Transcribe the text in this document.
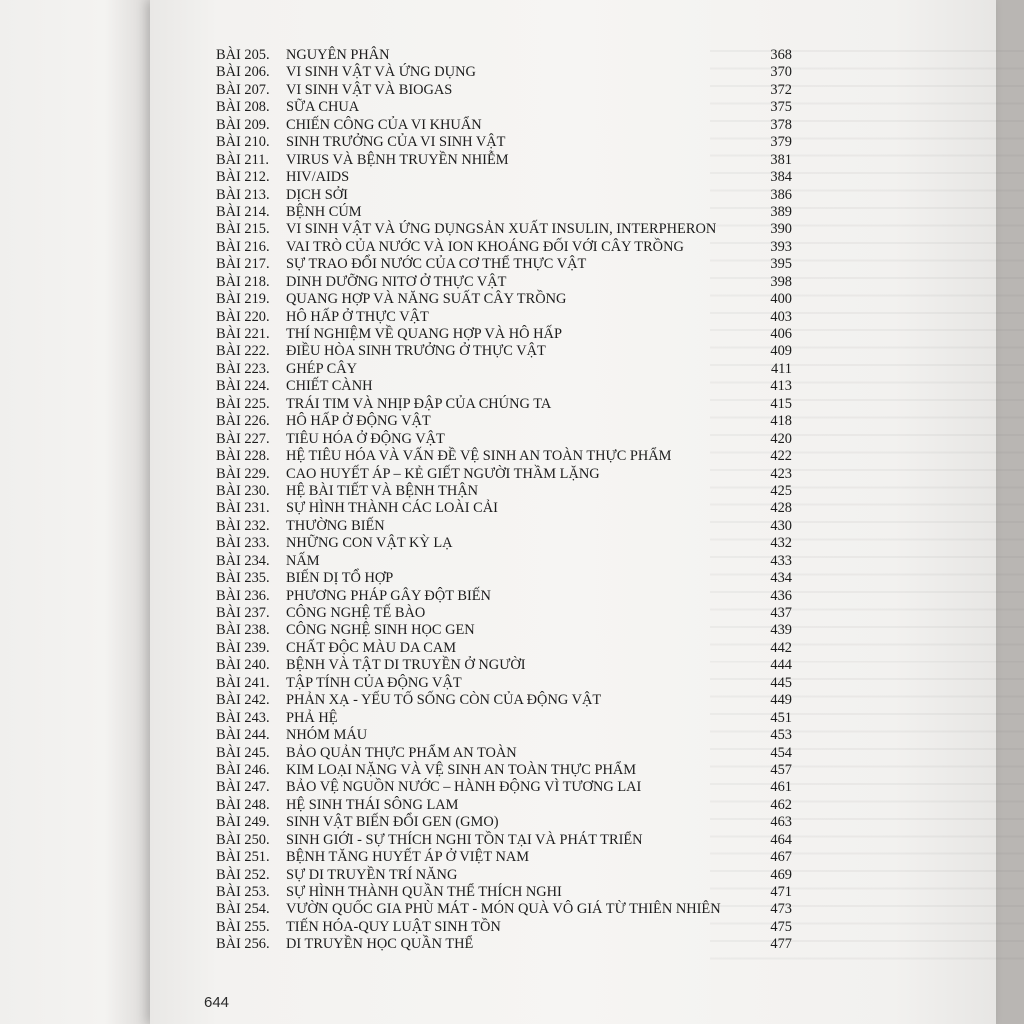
BÀI 205. NGUYÊN PHÂN	368
BÀI 206. VI SINH VẬT VÀ ỨNG DỤNG	370
BÀI 207. VI SINH VẬT VÀ BIOGAS	372
BÀI 208. SỮA CHUA	375
BÀI 209. CHIẾN CÔNG CỦA VI KHUẨN	378
BÀI 210. SINH TRƯỞNG CỦA VI SINH VẬT	379
BÀI 211. VIRUS VÀ BỆNH TRUYỀN NHIỄM	381
BÀI 212. HIV/AIDS	384
BÀI 213. DỊCH SỞI	386
BÀI 214. BỆNH CÚM	389
BÀI 215. VI SINH VẬT VÀ ỨNG DỤNGSẢN XUẤT INSULIN, INTERPHERON	390
BÀI 216. VAI TRÒ CỦA NƯỚC VÀ ION KHOÁNG ĐỐI VỚI CÂY TRỒNG	393
BÀI 217. SỰ TRAO ĐỔI NƯỚC CỦA CƠ THỂ THỰC VẬT	395
BÀI 218. DINH DƯỠNG NITƠ Ở THỰC VẬT	398
BÀI 219. QUANG HỢP VÀ NĂNG SUẤT CÂY TRỒNG	400
BÀI 220. HÔ HẤP Ở THỰC VẬT	403
BÀI 221. THÍ NGHIỆM VỀ QUANG HỢP VÀ HÔ HẤP	406
BÀI 222. ĐIỀU HÒA SINH TRƯỞNG Ở THỰC VẬT	409
BÀI 223. GHÉP CÂY	411
BÀI 224. CHIẾT CÀNH	413
BÀI 225. TRÁI TIM VÀ NHỊP ĐẬP CỦA CHÚNG TA	415
BÀI 226. HÔ HẤP Ở ĐỘNG VẬT	418
BÀI 227. TIÊU HÓA Ở ĐỘNG VẬT	420
BÀI 228. HỆ TIÊU HÓA VÀ VẤN ĐỀ VỆ SINH AN TOÀN THỰC PHẨM	422
BÀI 229. CAO HUYẾT ÁP – KẺ GIẾT NGƯỜI THẦM LẶNG	423
BÀI 230. HỆ BÀI TIẾT VÀ BỆNH THẬN	425
BÀI 231. SỰ HÌNH THÀNH CÁC LOÀI CẢI	428
BÀI 232. THƯỜNG BIẾN	430
BÀI 233. NHỮNG CON VẬT KỲ LẠ	432
BÀI 234. NẤM	433
BÀI 235. BIẾN DỊ TỔ HỢP	434
BÀI 236. PHƯƠNG PHÁP GÂY ĐỘT BIẾN	436
BÀI 237. CÔNG NGHỆ TẾ BÀO	437
BÀI 238. CÔNG NGHỆ SINH HỌC GEN	439
BÀI 239. CHẤT ĐỘC MÀU DA CAM	442
BÀI 240. BỆNH VÀ TẬT DI TRUYỀN Ở NGƯỜI	444
BÀI 241. TẬP TÍNH CỦA ĐỘNG VẬT	445
BÀI 242. PHẢN XẠ - YẾU TỐ SỐNG CÒN CỦA ĐỘNG VẬT	449
BÀI 243. PHẢ HỆ	451
BÀI 244. NHÓM MÁU	453
BÀI 245. BẢO QUẢN THỰC PHẨM AN TOÀN	454
BÀI 246. KIM LOẠI NẶNG VÀ VỆ SINH AN TOÀN THỰC PHẨM	457
BÀI 247. BẢO VỆ NGUỒN NƯỚC – HÀNH ĐỘNG VÌ TƯƠNG LAI	461
BÀI 248. HỆ SINH THÁI SÔNG LAM	462
BÀI 249. SINH VẬT BIẾN ĐỔI GEN (GMO)	463
BÀI 250. SINH GIỚI - SỰ THÍCH NGHI TỒN TẠI VÀ PHÁT TRIỂN	464
BÀI 251. BỆNH TĂNG HUYẾT ÁP Ở VIỆT NAM	467
BÀI 252. SỰ DI TRUYỀN TRÍ NĂNG	469
BÀI 253. SỰ HÌNH THÀNH QUẦN THỂ THÍCH NGHI	471
BÀI 254. VƯỜN QUỐC GIA PHÙ MÁT - MÓN QUÀ VÔ GIÁ TỪ THIÊN NHIÊN	473
BÀI 255. TIẾN HÓA-QUY LUẬT SINH TỒN	475
BÀI 256. DI TRUYỀN HỌC QUẦN THỂ	477
644
